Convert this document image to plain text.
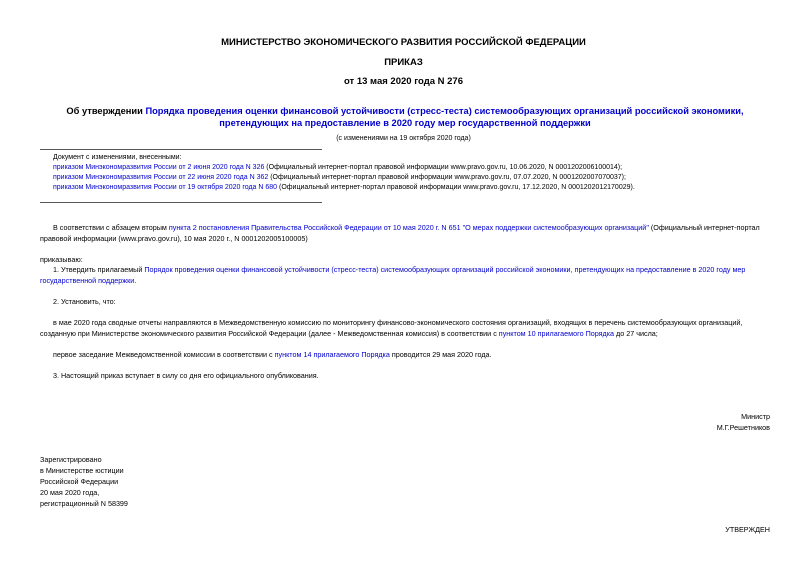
МИНИСТЕРСТВО ЭКОНОМИЧЕСКОГО РАЗВИТИЯ РОССИЙСКОЙ ФЕДЕРАЦИИ
ПРИКАЗ
от 13 мая 2020 года N 276
Об утверждении Порядка проведения оценки финансовой устойчивости (стресс-теста) системообразующих организаций российской экономики, претендующих на предоставление в 2020 году мер государственной поддержки
(с изменениями на 19 октября 2020 года)
Документ с изменениями, внесенными:
приказом Минэкономразвития России от 2 июня 2020 года N 326 (Официальный интернет-портал правовой информации www.pravo.gov.ru, 10.06.2020, N 0001202006100014);
приказом Минэкономразвития России от 22 июня 2020 года N 362 (Официальный интернет-портал правовой информации www.pravo.gov.ru, 07.07.2020, N 0001202007070037);
приказом Минэкономразвития России от 19 октября 2020 года N 680 (Официальный интернет-портал правовой информации www.pravo.gov.ru, 17.12.2020, N 0001202012170029).
В соответствии с абзацем вторым пункта 2 постановления Правительства Российской Федерации от 10 мая 2020 г. N 651 "О мерах поддержки системообразующих организаций" (Официальный интернет-портал правовой информации (www.pravo.gov.ru), 10 мая 2020 г., N 0001202005100005)
приказываю:
1. Утвердить прилагаемый Порядок проведения оценки финансовой устойчивости (стресс-теста) системообразующих организаций российской экономики, претендующих на предоставление в 2020 году мер государственной поддержки.
2. Установить, что:
в мае 2020 года сводные отчеты направляются в Межведомственную комиссию по мониторингу финансово-экономического состояния организаций, входящих в перечень системообразующих организаций, созданную при Министерстве экономического развития Российской Федерации (далее - Межведомственная комиссия) в соответствии с пунктом 10 прилагаемого Порядка до 27 числа;
первое заседание Межведомственной комиссии в соответствии с пунктом 14 прилагаемого Порядка проводится 29 мая 2020 года.
3. Настоящий приказ вступает в силу со дня его официального опубликования.
Министр
М.Г.Решетников
Зарегистрировано
в Министерстве юстиции
Российской Федерации
20 мая 2020 года,
регистрационный N 58399
УТВЕРЖДЕН
